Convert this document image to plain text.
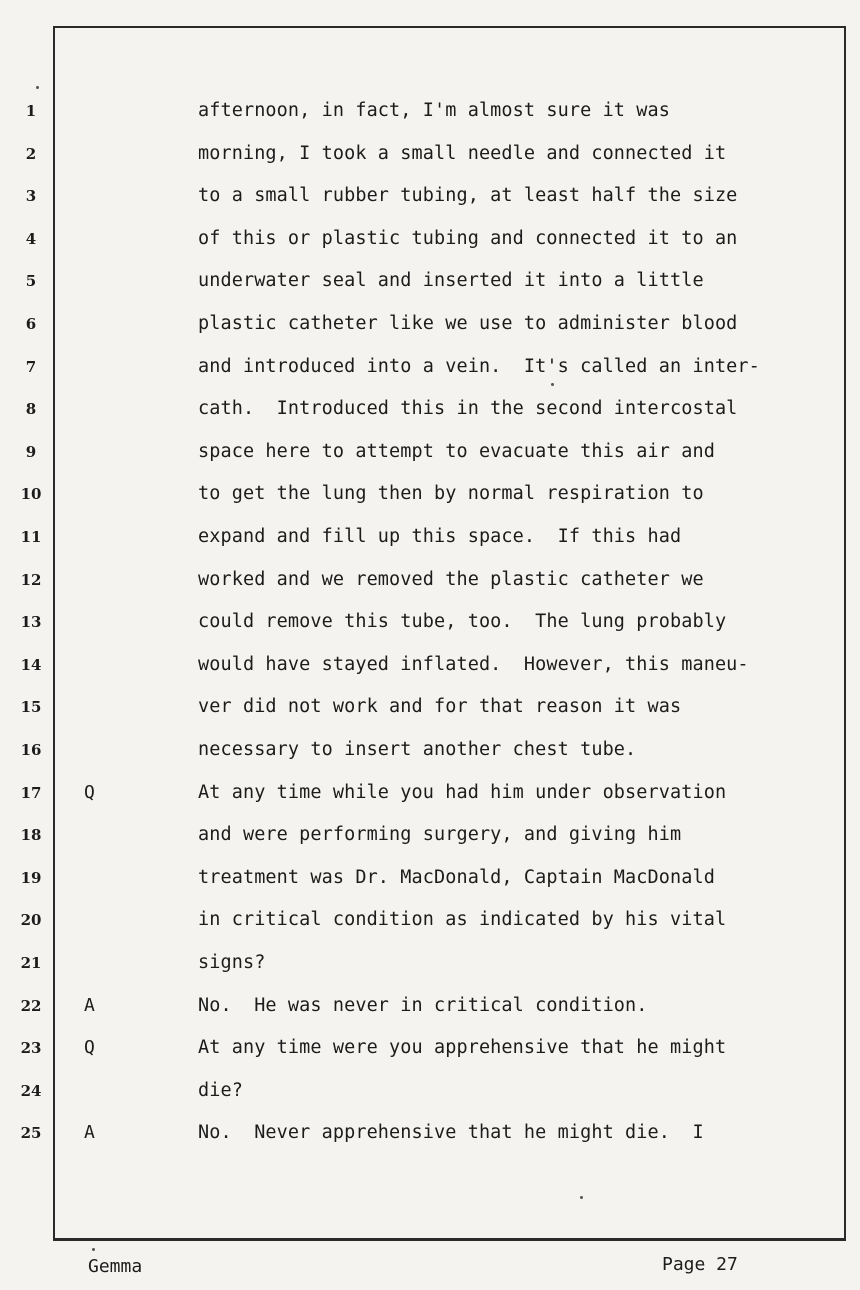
1	afternoon, in fact, I'm almost sure it was
2	morning, I took a small needle and connected it
3	to a small rubber tubing, at least half the size
4	of this or plastic tubing and connected it to an
5	underwater seal and inserted it into a little
6	plastic catheter like we use to administer blood
7	and introduced into a vein.  It's called an inter-
8	cath.  Introduced this in the second intercostal
9	space here to attempt to evacuate this air and
10	to get the lung then by normal respiration to
11	expand and fill up this space.  If this had
12	worked and we removed the plastic catheter we
13	could remove this tube, too.  The lung probably
14	would have stayed inflated.  However, this maneu-
15	ver did not work and for that reason it was
16	necessary to insert another chest tube.
17	Q	At any time while you had him under observation
18	and were performing surgery, and giving him
19	treatment was Dr. MacDonald, Captain MacDonald
20	in critical condition as indicated by his vital
21	signs?
22	A	No.  He was never in critical condition.
23	Q	At any time were you apprehensive that he might
24	die?
25	A	No.  Never apprehensive that he might die.  I
Gemma	Page 27
